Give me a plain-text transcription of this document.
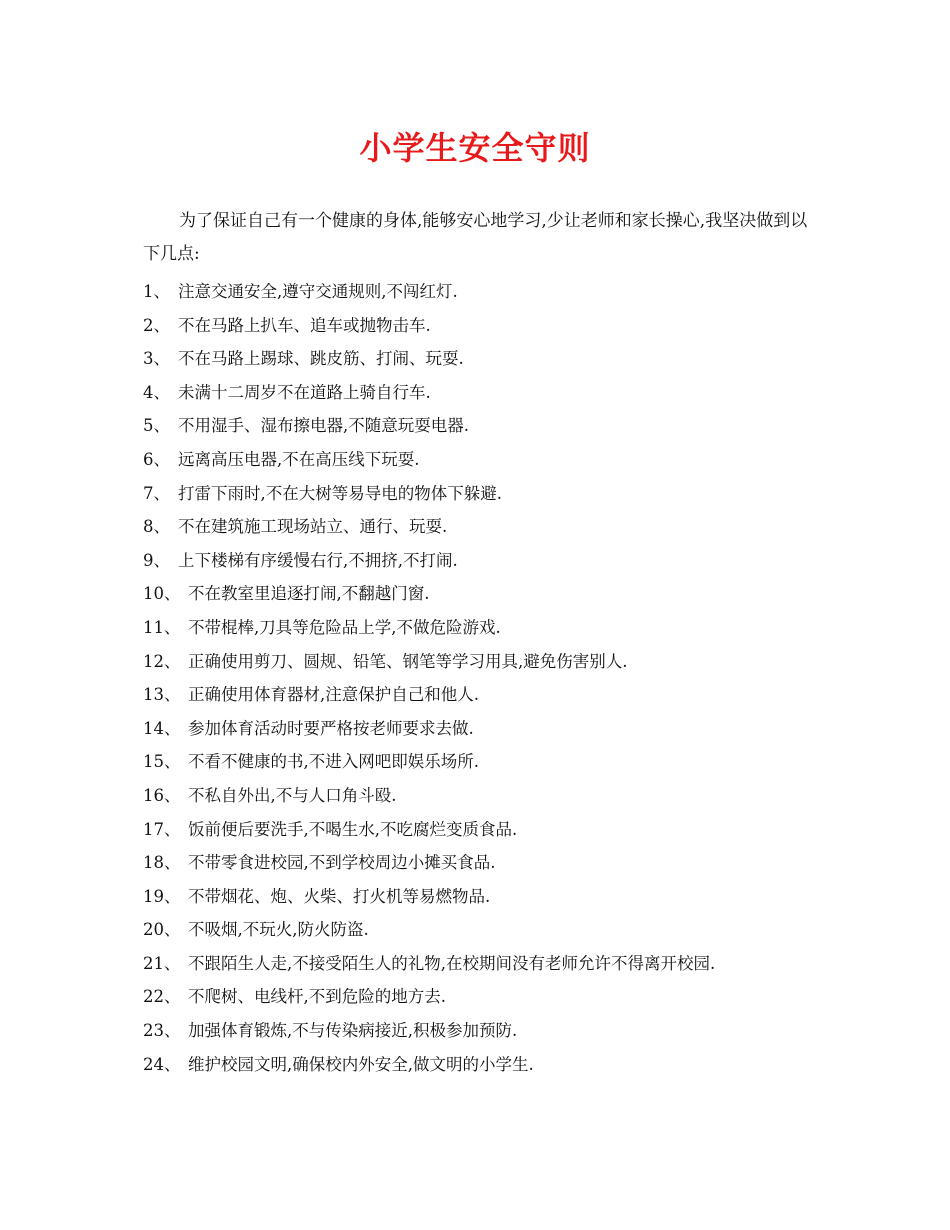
小学生安全守则
为了保证自己有一个健康的身体,能够安心地学习,少让老师和家长操心,我坚决做到以下几点:
1、 注意交通安全,遵守交通规则,不闯红灯.
2、 不在马路上扒车、追车或抛物击车.
3、 不在马路上踢球、跳皮筋、打闹、玩耍.
4、 未满十二周岁不在道路上骑自行车.
5、 不用湿手、湿布擦电器,不随意玩耍电器.
6、 远离高压电器,不在高压线下玩耍.
7、 打雷下雨时,不在大树等易导电的物体下躲避.
8、 不在建筑施工现场站立、通行、玩耍.
9、 上下楼梯有序缓慢右行,不拥挤,不打闹.
10、 不在教室里追逐打闹,不翻越门窗.
11、 不带棍棒,刀具等危险品上学,不做危险游戏.
12、 正确使用剪刀、圆规、铅笔、钢笔等学习用具,避免伤害别人.
13、 正确使用体育器材,注意保护自己和他人.
14、 参加体育活动时要严格按老师要求去做.
15、 不看不健康的书,不进入网吧即娱乐场所.
16、 不私自外出,不与人口角斗殴.
17、 饭前便后要洗手,不喝生水,不吃腐烂变质食品.
18、 不带零食进校园,不到学校周边小摊买食品.
19、 不带烟花、炮、火柴、打火机等易燃物品.
20、 不吸烟,不玩火,防火防盗.
21、 不跟陌生人走,不接受陌生人的礼物,在校期间没有老师允许不得离开校园.
22、 不爬树、电线杆,不到危险的地方去.
23、 加强体育锻炼,不与传染病接近,积极参加预防.
24、 维护校园文明,确保校内外安全,做文明的小学生.
